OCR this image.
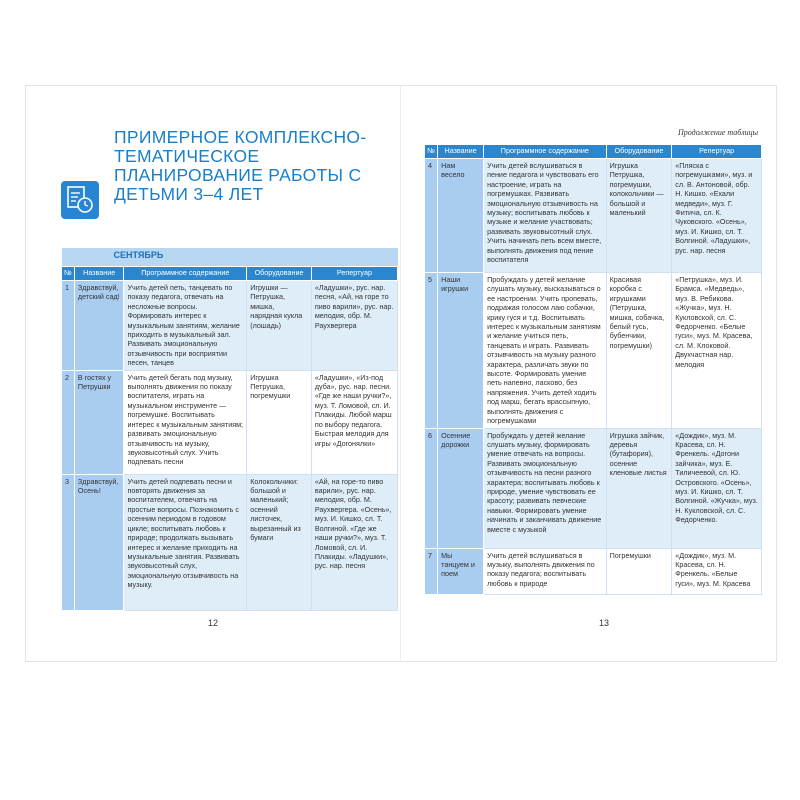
ПРИМЕРНОЕ КОМПЛЕКСНО-ТЕМАТИЧЕСКОЕ ПЛАНИРОВАНИЕ РАБОТЫ С ДЕТЬМИ 3–4 ЛЕТ
СЕНТЯБРЬ				
№	Название	Программное содержание	Оборудование	Репертуар
1	Здравствуй, детский сад!	Учить детей петь, танцевать по показу педагога, отвечать на несложные вопросы. Формировать интерес к музыкальным занятиям, желание приходить в музыкальный зал. Развивать эмоциональную отзывчивость при восприятии песен, танцев	Игрушки — Петрушка, мишка, нарядная кукла (лошадь)	«Ладушки», рус. нар. песня, «Ай, на горе то пиво варили», рус. нар. мелодия, обр. М. Раухвергера
2	В гостях у Петрушки	Учить детей бегать под музыку, выполнять движения по показу воспитателя, играть на музыкальном инструменте — погремушке. Воспитывать интерес к музыкальным занятиям; развивать эмоциональную отзывчивость на музыку, звуковысотный слух. Учить подпевать песни	Игрушка Петрушка, погремушки	«Ладушки», «Из-под дуба», рус. нар. песни. «Где же наши ручки?», муз. Т. Ломовой, сл. И. Плакиды. Любой марш по выбору педагога. Быстрая мелодия для игры «Догонялки»
3	Здравствуй, Осень!	Учить детей подпевать песни и повторять движения за воспитателем, отвечать на простые вопросы. Познакомить с осенним периодом в годовом цикле; воспитывать любовь к природе; продолжать вызывать интерес и желание приходить на музыкальные занятия. Развивать звуковысотный слух, эмоциональную отзывчивость на музыку.	Колокольчики: большой и маленький; осенний листочек, вырезанный из бумаги	«Ай, на горе-то пиво варили», рус. нар. мелодия, обр. М. Раухвергера. «Осень», муз. И. Кишко, сл. Т. Волгиной. «Где же наши ручки?», муз. Т. Ломовой, сл. И. Плакиды. «Ладушки», рус. нар. песня
12
Продолжение таблицы
№	Название	Программное содержание	Оборудование	Репертуар
4	Нам весело	Учить детей вслушиваться в пение педагога и чувствовать его настроение, играть на погремушках. Развивать эмоциональную отзывчивость на музыку; воспитывать любовь к музыке и желание участвовать; развивать звуковысотный слух. Учить начинать петь всем вместе, выполнять движения под пение воспитателя	Игрушка Петрушка, погремушки, колокольчики — большой и маленький	«Пляска с погремушками», муз. и сл. В. Антоновой, обр. Н. Кишко. «Ехали медведи», муз. Г. Фитича, сл. К. Чуковского. «Осень», муз. И. Кишко, сл. Т. Волгиной. «Ладушки», рус. нар. песня
5	Наши игрушки	Пробуждать у детей желание слушать музыку, высказываться о ее настроении. Учить пропевать, подражая голосом лаю собачки, крику гуся и т.д. Воспитывать интерес к музыкальным занятиям и желание учиться петь, танцевать и играть. Развивать отзывчивость на музыку разного характера, различать звуки по высоте. Формировать умение петь напевно, ласково, без напряжения. Учить детей ходить под марш, бегать врассыпную, выполнять движения с погремушками	Красивая коробка с игрушками (Петрушка, мишка, собачка, белый гусь, бубенчики, погремушки)	«Петрушка», муз. И. Брамса. «Медведь», муз. В. Ребикова. «Жучка», муз. Н. Кукловской, сл. С. Федорченко. «Белые гуси», муз. М. Красева, сл. М. Клоковой. Двухчастная нар. мелодия
6	Осенние дорожки	Пробуждать у детей желание слушать музыку, формировать умение отвечать на вопросы. Развивать эмоциональную отзывчивость на песни разного характера; воспитывать любовь к природе, умение чувствовать ее красоту; развивать певческие навыки. Формировать умение начинать и заканчивать движение вместе с музыкой	Игрушка зайчик, деревья (бутафория), осенние кленовые листья	«Дождик», муз. М. Красева, сл. Н. Френкель. «Догони зайчика», муз. Е. Тиличеевой, сл. Ю. Островского. «Осень», муз. И. Кишко, сл. Т. Волгиной. «Жучка», муз. Н. Кукловской, сл. С. Федорченко.
7	Мы танцуем и поем	Учить детей вслушиваться в музыку, выполнять движения по показу педагога; воспитывать любовь к природе	Погремушки	«Дождик», муз. М. Красева, сл. Н. Френкель. «Белые гуси», муз. М. Красева
13
